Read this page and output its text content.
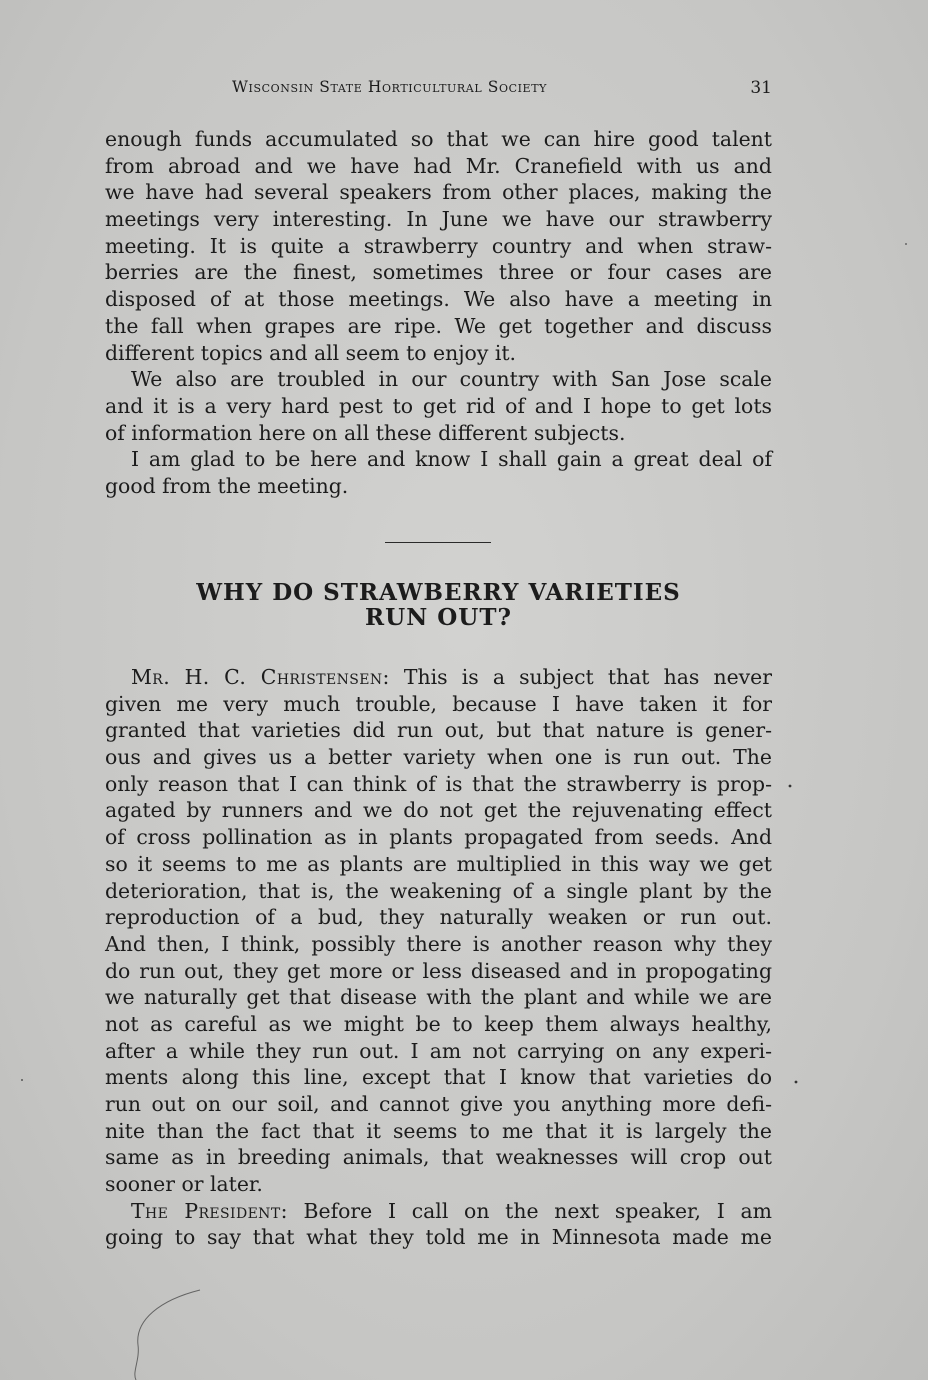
Wisconsin State Horticultural Society	31
enough funds accumulated so that we can hire good talent
from abroad and we have had Mr. Cranefield with us and
we have had several speakers from other places, making the
meetings very interesting. In June we have our strawberry
meeting. It is quite a strawberry country and when straw-
berries are the finest, sometimes three or four cases are
disposed of at those meetings. We also have a meeting in
the fall when grapes are ripe. We get together and discuss
different topics and all seem to enjoy it.
We also are troubled in our country with San Jose scale
and it is a very hard pest to get rid of and I hope to get lots
of information here on all these different subjects.
I am glad to be here and know I shall gain a great deal of
good from the meeting.
WHY DO STRAWBERRY VARIETIES
RUN OUT?
Mr. H. C. Christensen: This is a subject that has never
given me very much trouble, because I have taken it for
granted that varieties did run out, but that nature is gener-
ous and gives us a better variety when one is run out. The
only reason that I can think of is that the strawberry is prop-
agated by runners and we do not get the rejuvenating effect
of cross pollination as in plants propagated from seeds. And
so it seems to me as plants are multiplied in this way we get
deterioration, that is, the weakening of a single plant by the
reproduction of a bud, they naturally weaken or run out.
And then, I think, possibly there is another reason why they
do run out, they get more or less diseased and in propogating
we naturally get that disease with the plant and while we are
not as careful as we might be to keep them always healthy,
after a while they run out. I am not carrying on any experi-
ments along this line, except that I know that varieties do
run out on our soil, and cannot give you anything more defi-
nite than the fact that it seems to me that it is largely the
same as in breeding animals, that weaknesses will crop out
sooner or later.
The President: Before I call on the next speaker, I am
going to say that what they told me in Minnesota made me
